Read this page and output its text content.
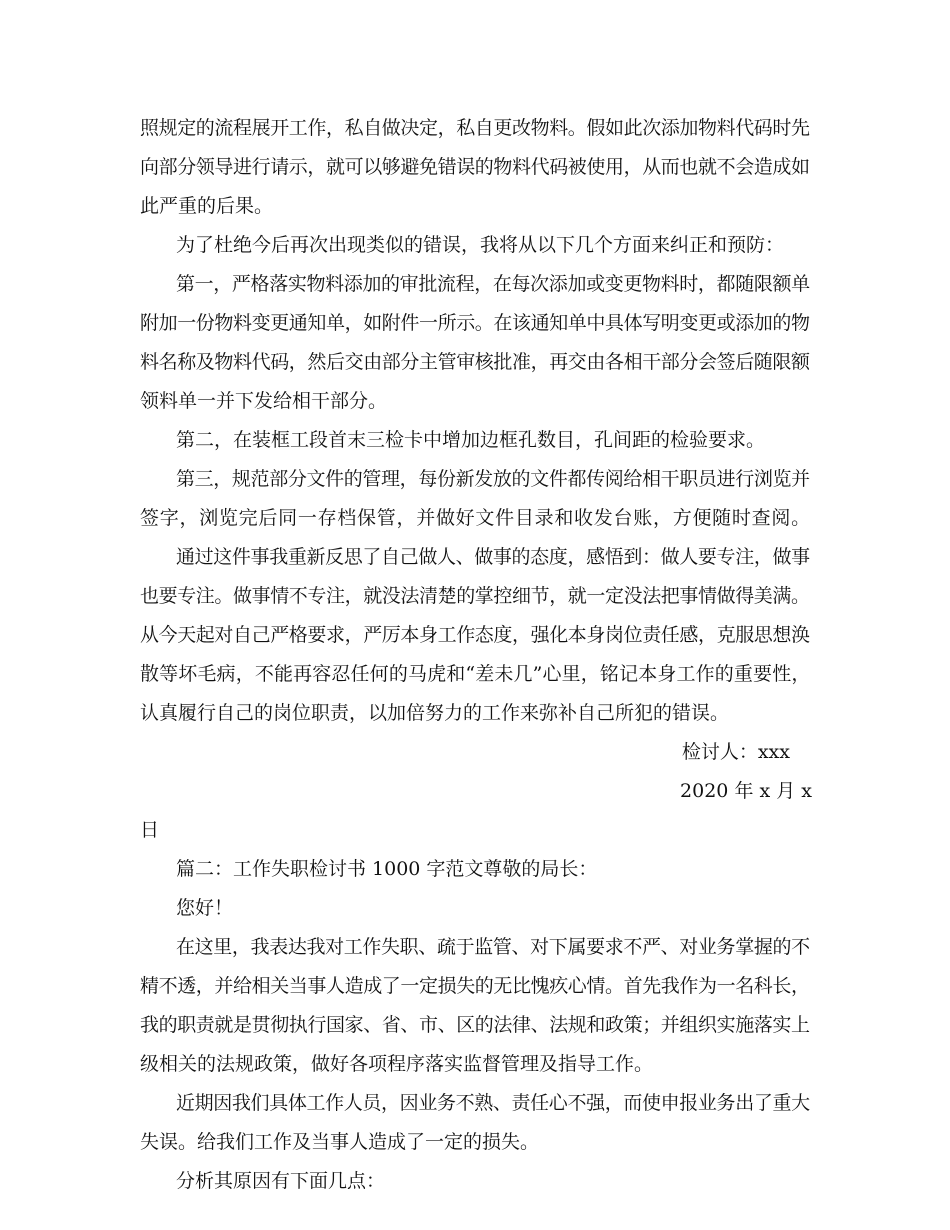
照规定的流程展开工作，私自做决定，私自更改物料。假如此次添加物料代码时先
向部分领导进行请示，就可以够避免错误的物料代码被使用，从而也就不会造成如
此严重的后果。
为了杜绝今后再次出现类似的错误，我将从以下几个方面来纠正和预防：
第一，严格落实物料添加的审批流程，在每次添加或变更物料时，都随限额单
附加一份物料变更通知单，如附件一所示。在该通知单中具体写明变更或添加的物
料名称及物料代码，然后交由部分主管审核批准，再交由各相干部分会签后随限额
领料单一并下发给相干部分。
第二，在装框工段首末三检卡中增加边框孔数目，孔间距的检验要求。
第三，规范部分文件的管理，每份新发放的文件都传阅给相干职员进行浏览并
签字，浏览完后同一存档保管，并做好文件目录和收发台账，方便随时查阅。
通过这件事我重新反思了自己做人、做事的态度，感悟到：做人要专注，做事
也要专注。做事情不专注，就没法清楚的掌控细节，就一定没法把事情做得美满。
从今天起对自己严格要求，严厉本身工作态度，强化本身岗位责任感，克服思想涣
散等坏毛病，不能再容忍任何的马虎和“差未几”心里，铭记本身工作的重要性，
认真履行自己的岗位职责，以加倍努力的工作来弥补自己所犯的错误。
检讨人：xxx
2020 年 x 月 x
日
篇二：工作失职检讨书 1000 字范文尊敬的局长：
您好！
在这里，我表达我对工作失职、疏于监管、对下属要求不严、对业务掌握的不
精不透，并给相关当事人造成了一定损失的无比愧疚心情。首先我作为一名科长，
我的职责就是贯彻执行国家、省、市、区的法律、法规和政策；并组织实施落实上
级相关的法规政策，做好各项程序落实监督管理及指导工作。
近期因我们具体工作人员，因业务不熟、责任心不强，而使申报业务出了重大
失误。给我们工作及当事人造成了一定的损失。
分析其原因有下面几点：
